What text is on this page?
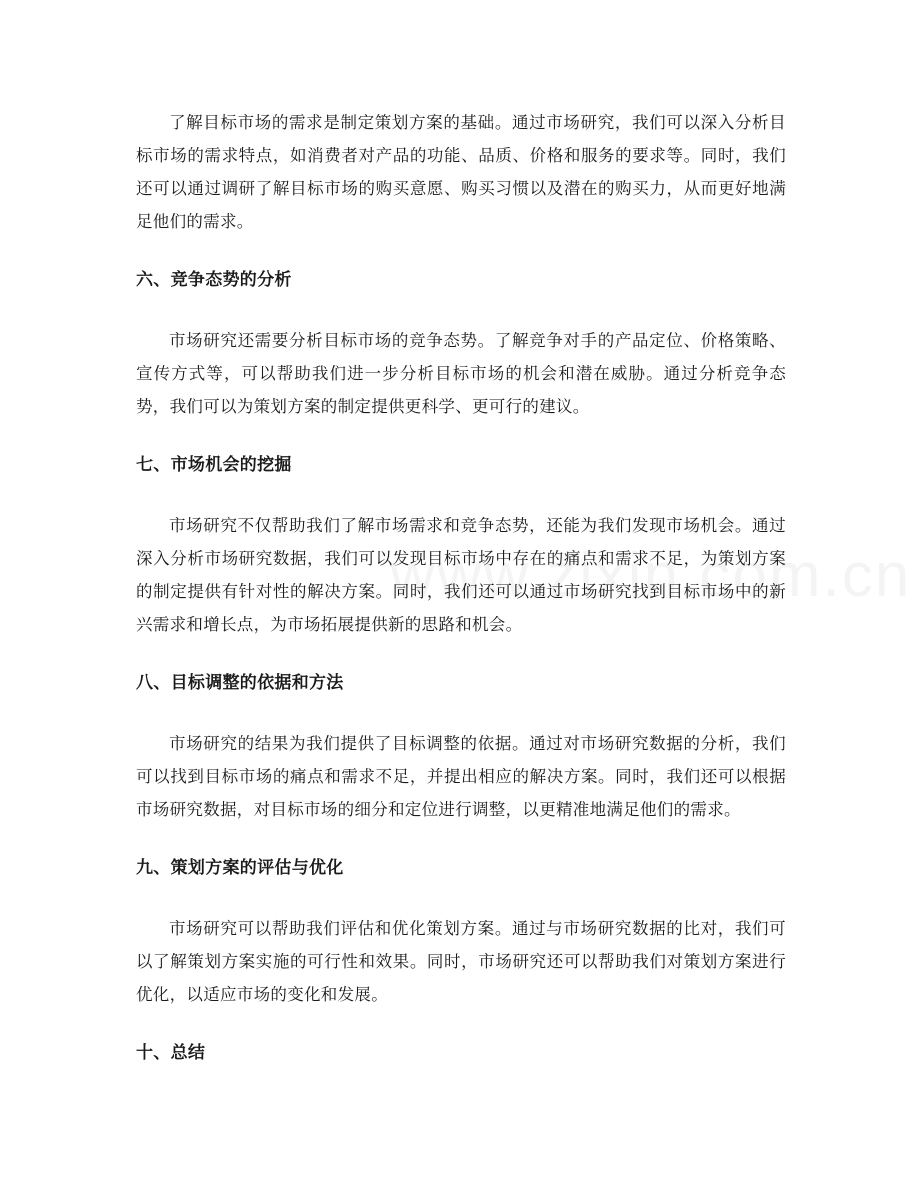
了解目标市场的需求是制定策划方案的基础。通过市场研究，我们可以深入分析目标市场的需求特点，如消费者对产品的功能、品质、价格和服务的要求等。同时，我们还可以通过调研了解目标市场的购买意愿、购买习惯以及潜在的购买力，从而更好地满足他们的需求。

六、竞争态势的分析

市场研究还需要分析目标市场的竞争态势。了解竞争对手的产品定位、价格策略、宣传方式等，可以帮助我们进一步分析目标市场的机会和潜在威胁。通过分析竞争态势，我们可以为策划方案的制定提供更科学、更可行的建议。

七、市场机会的挖掘

市场研究不仅帮助我们了解市场需求和竞争态势，还能为我们发现市场机会。通过深入分析市场研究数据，我们可以发现目标市场中存在的痛点和需求不足，为策划方案的制定提供有针对性的解决方案。同时，我们还可以通过市场研究找到目标市场中的新兴需求和增长点，为市场拓展提供新的思路和机会。

八、目标调整的依据和方法

市场研究的结果为我们提供了目标调整的依据。通过对市场研究数据的分析，我们可以找到目标市场的痛点和需求不足，并提出相应的解决方案。同时，我们还可以根据市场研究数据，对目标市场的细分和定位进行调整，以更精准地满足他们的需求。

九、策划方案的评估与优化

市场研究可以帮助我们评估和优化策划方案。通过与市场研究数据的比对，我们可以了解策划方案实施的可行性和效果。同时，市场研究还可以帮助我们对策划方案进行优化，以适应市场的变化和发展。

十、总结
